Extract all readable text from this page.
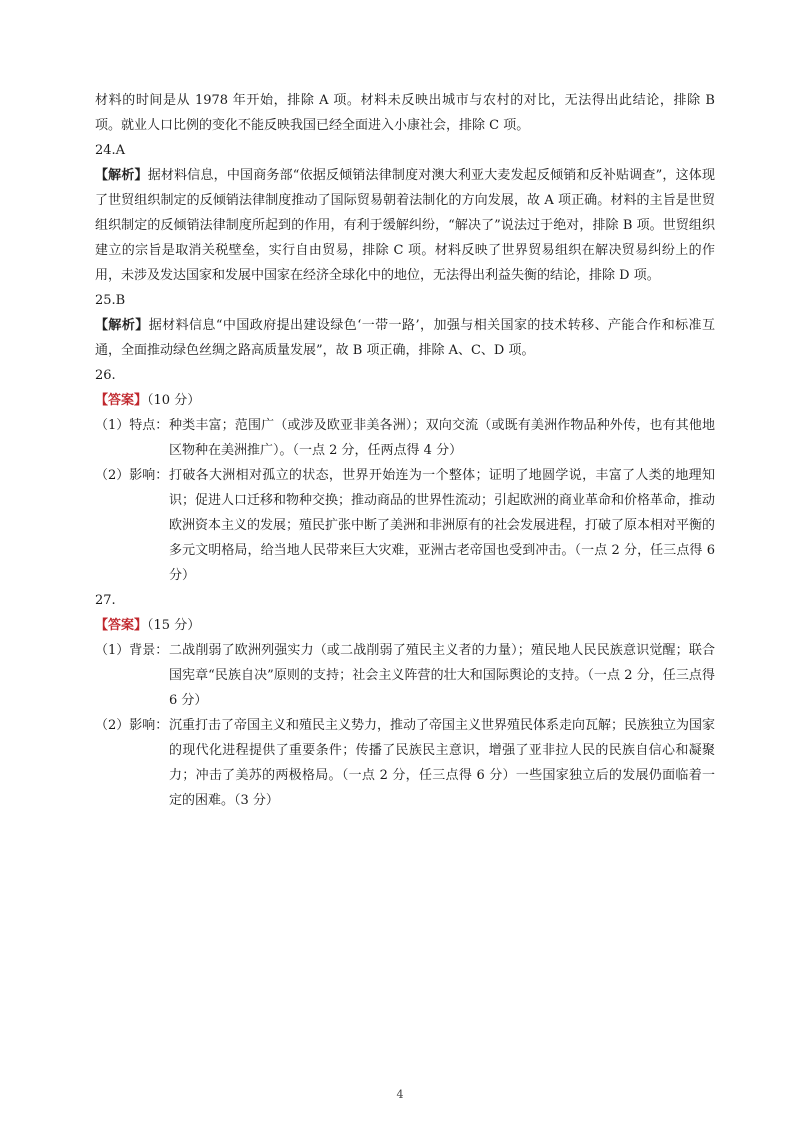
材料的时间是从 1978 年开始，排除 A 项。材料未反映出城市与农村的对比，无法得出此结论，排除 B 项。就业人口比例的变化不能反映我国已经全面进入小康社会，排除 C 项。
24.A
【解析】据材料信息，中国商务部“依据反倾销法律制度对澳大利亚大麦发起反倾销和反补贴调查”，这体现了世贸组织制定的反倾销法律制度推动了国际贸易朝着法制化的方向发展，故 A 项正确。材料的主旨是世贸组织制定的反倾销法律制度所起到的作用，有利于缓解纠纷，“解决了”说法过于绝对，排除 B 项。世贸组织建立的宗旨是取消关税壁垒，实行自由贸易，排除 C 项。材料反映了世界贸易组织在解决贸易纠纷上的作用，未涉及发达国家和发展中国家在经济全球化中的地位，无法得出利益失衡的结论，排除 D 项。
25.B
【解析】据材料信息“中国政府提出建设绿色‘一带一路’，加强与相关国家的技术转移、产能合作和标准互通，全面推动绿色丝绸之路高质量发展”，故 B 项正确，排除 A、C、D 项。
26.
【答案】（10 分）
（1）特点： 种类丰富；范围广（或涉及欧亚非美各洲）；双向交流（或既有美洲作物品种外传，也有其他地区物种在美洲推广）。（一点 2 分，任两点得 4 分）
（2）影响： 打破各大洲相对孤立的状态，世界开始连为一个整体；证明了地圆学说，丰富了人类的地理知识；促进人口迁移和物种交换；推动商品的世界性流动；引起欧洲的商业革命和价格革命，推动欧洲资本主义的发展；殖民扩张中断了美洲和非洲原有的社会发展进程，打破了原本相对平衡的多元文明格局，给当地人民带来巨大灾难，亚洲古老帝国也受到冲击。（一点 2 分，任三点得 6 分）
27.
【答案】（15 分）
（1）背景： 二战削弱了欧洲列强实力（或二战削弱了殖民主义者的力量）；殖民地人民民族意识觉醒；联合国宪章“民族自决”原则的支持；社会主义阵营的壮大和国际舆论的支持。（一点 2 分，任三点得 6 分）
（2）影响： 沉重打击了帝国主义和殖民主义势力，推动了帝国主义世界殖民体系走向瓦解；民族独立为国家的现代化进程提供了重要条件；传播了民族民主意识，增强了亚非拉人民的民族自信心和凝聚力；冲击了美苏的两极格局。（一点 2 分，任三点得 6 分）一些国家独立后的发展仍面临着一定的困难。（3 分）
4
